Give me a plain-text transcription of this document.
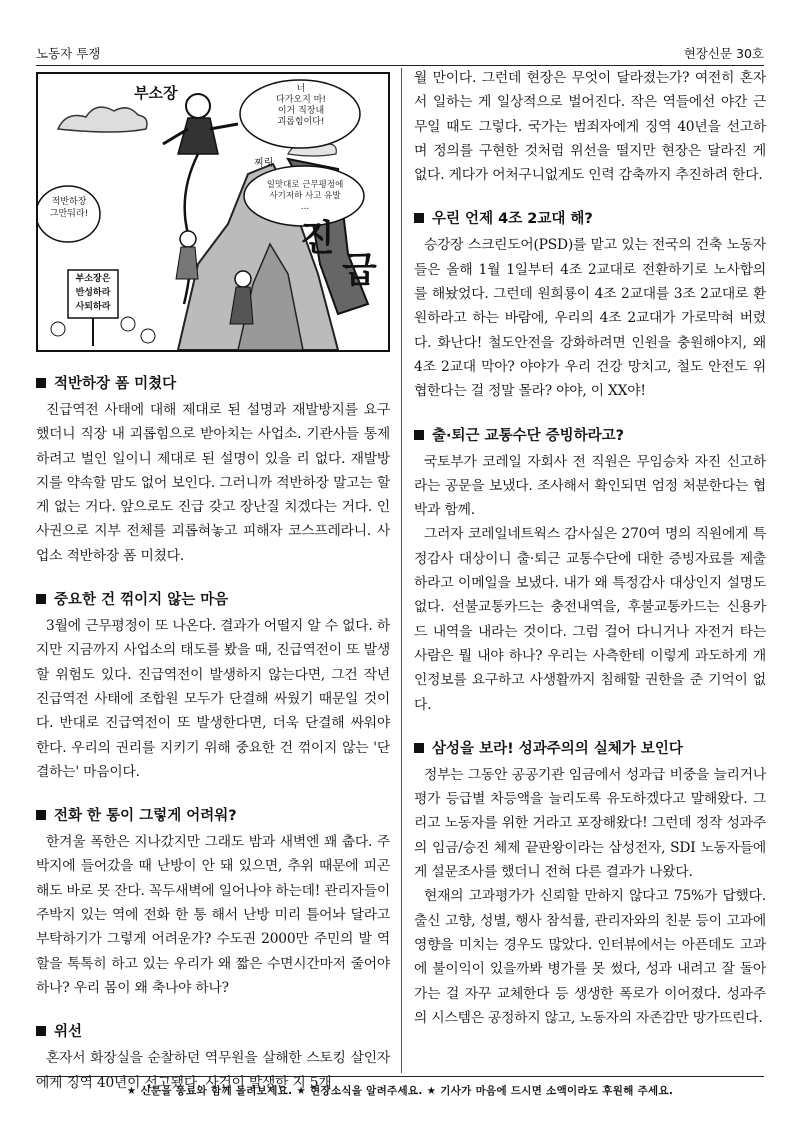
노동자 투쟁	현장신문 30호
부소장	너
다가오지 마!
이거 직장내
괴롭힘이다!
찌릿
적반하장
그만둬라!
일맛대로 근무평정에
사기저하 사고 유발
…
진
급
부소장은
반성하라
사퇴하라
적반하장 폼 미쳤다

진급역전 사태에 대해 제대로 된 설명과 재발방지를 요구했더니 직장 내 괴롭힘으로 받아치는 사업소. 기관사들 통제하려고 벌인 일이니 제대로 된 설명이 있을 리 없다. 재발방지를 약속할 맘도 없어 보인다. 그러니까 적반하장 말고는 할 게 없는 거다. 앞으로도 진급 갖고 장난질 치겠다는 거다. 인사권으로 지부 전체를 괴롭혀놓고 피해자 코스프레라니. 사업소 적반하장 폼 미쳤다.

중요한 건 꺾이지 않는 마음

3월에 근무평정이 또 나온다. 결과가 어떨지 알 수 없다. 하지만 지금까지 사업소의 태도를 봤을 때, 진급역전이 또 발생할 위험도 있다. 진급역전이 발생하지 않는다면, 그건 작년 진급역전 사태에 조합원 모두가 단결해 싸웠기 때문일 것이다. 반대로 진급역전이 또 발생한다면, 더욱 단결해 싸워야 한다. 우리의 권리를 지키기 위해 중요한 건 꺾이지 않는 '단결하는' 마음이다.

전화 한 통이 그렇게 어려워?

한겨울 폭한은 지나갔지만 그래도 밤과 새벽엔 꽤 춥다. 주박지에 들어갔을 때 난방이 안 돼 있으면, 추위 때문에 피곤해도 바로 못 잔다. 꼭두새벽에 일어나야 하는데! 관리자들이 주박지 있는 역에 전화 한 통 해서 난방 미리 틀어놔 달라고 부탁하기가 그렇게 어려운가? 수도권 2000만 주민의 발 역할을 톡톡히 하고 있는 우리가 왜 짧은 수면시간마저 줄어야 하나? 우리 몸이 왜 축나야 하나?

위선

혼자서 화장실을 순찰하던 역무원을 살해한 스토킹 살인자에게 징역 40년이 선고됐다. 사건이 발생한 지 5개

월 만이다. 그런데 현장은 무엇이 달라졌는가? 여전히 혼자서 일하는 게 일상적으로 벌어진다. 작은 역들에선 야간 근무일 때도 그렇다. 국가는 범죄자에게 징역 40년을 선고하며 정의를 구현한 것처럼 위선을 떨지만 현장은 달라진 게 없다. 게다가 어처구니없게도 인력 감축까지 추진하려 한다.

우린 언제 4조 2교대 해?

승강장 스크린도어(PSD)를 맡고 있는 전국의 건축 노동자들은 올해 1월 1일부터 4조 2교대로 전환하기로 노사합의를 해놨었다. 그런데 원희룡이 4조 2교대를 3조 2교대로 환원하라고 하는 바람에, 우리의 4조 2교대가 가로막혀 버렸다. 화난다! 철도안전을 강화하려면 인원을 충원해야지, 왜 4조 2교대 막아? 야야가 우리 건강 망치고, 철도 안전도 위협한다는 걸 정말 몰라? 야야, 이 XX야!

출·퇴근 교통수단 증빙하라고?

국토부가 코레일 자회사 전 직원은 무임승차 자진 신고하라는 공문을 보냈다. 조사해서 확인되면 엄정 처분한다는 협박과 함께.

그러자 코레일네트웍스 감사실은 270여 명의 직원에게 특정감사 대상이니 출·퇴근 교통수단에 대한 증빙자료를 제출하라고 이메일을 보냈다. 내가 왜 특정감사 대상인지 설명도 없다. 선불교통카드는 충전내역을, 후불교통카드는 신용카드 내역을 내라는 것이다. 그럼 걸어 다니거나 자전거 타는 사람은 뭘 내야 하나? 우리는 사측한테 이렇게 과도하게 개인정보를 요구하고 사생활까지 침해할 권한을 준 기억이 없다.

삼성을 보라! 성과주의의 실체가 보인다

정부는 그동안 공공기관 임금에서 성과급 비중을 늘리거나 평가 등급별 차등액을 늘리도록 유도하겠다고 말해왔다. 그리고 노동자를 위한 거라고 포장해왔다! 그런데 정작 성과주의 임금/승진 체제 끝판왕이라는 삼성전자, SDI 노동자들에게 설문조사를 했더니 전혀 다른 결과가 나왔다.

현재의 고과평가가 신뢰할 만하지 않다고 75%가 답했다. 출신 고향, 성별, 행사 참석률, 관리자와의 친분 등이 고과에 영향을 미치는 경우도 많았다. 인터뷰에서는 아픈데도 고과에 불이익이 있을까봐 병가를 못 썼다, 성과 내려고 잘 돌아가는 걸 자꾸 교체한다 등 생생한 폭로가 이어졌다. 성과주의 시스템은 공정하지 않고, 노동자의 자존감만 망가뜨린다.

★ 신문을 동료와 함께 돌려보세요. ★ 현장소식을 알려주세요. ★ 기사가 마음에 드시면 소액이라도 후원해 주세요.
